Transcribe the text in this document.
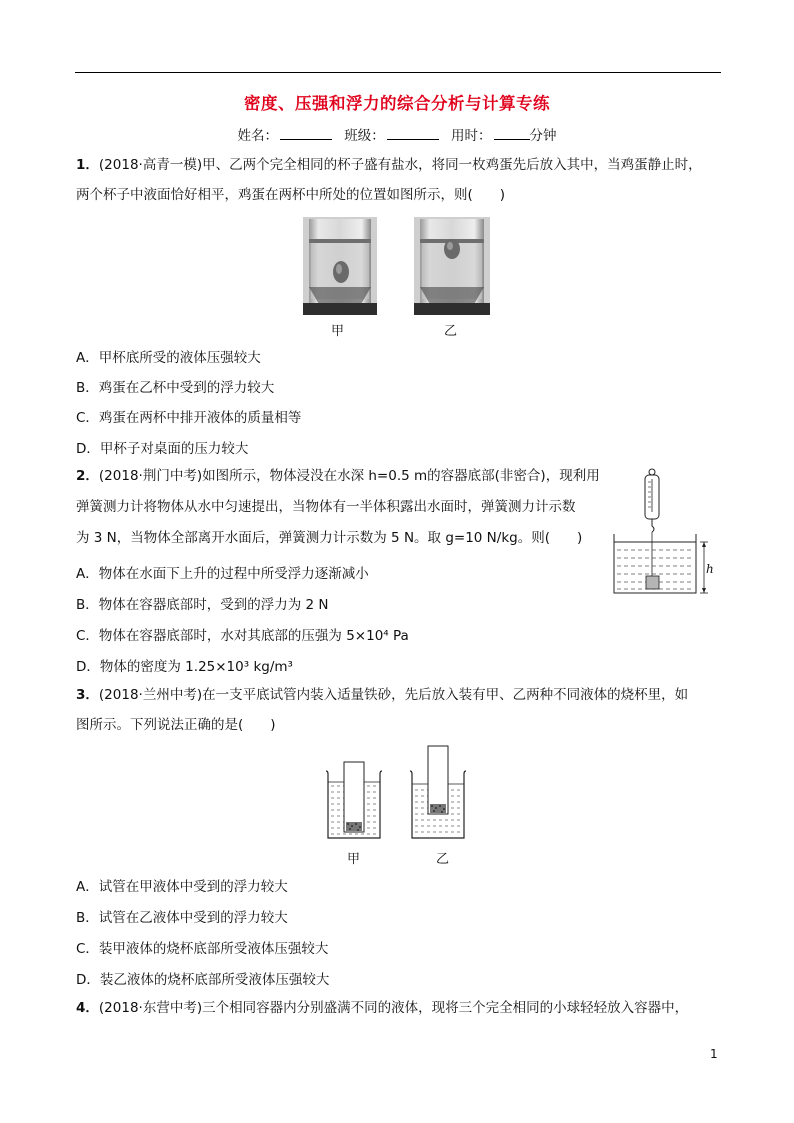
密度、压强和浮力的综合分析与计算专练
姓名：	班级：	用时：	分钟
1．(2018·高青一模)甲、乙两个完全相同的杯子盛有盐水，将同一枚鸡蛋先后放入其中，当鸡蛋静止时，
两个杯子中液面恰好相平，鸡蛋在两杯中所处的位置如图所示，则(　　)
甲	乙
A．甲杯底所受的液体压强较大
B．鸡蛋在乙杯中受到的浮力较大
C．鸡蛋在两杯中排开液体的质量相等
D．甲杯子对桌面的压力较大
2．(2018·荆门中考)如图所示，物体浸没在水深 h=0.5 m的容器底部(非密合)，现利用
弹簧测力计将物体从水中匀速提出，当物体有一半体积露出水面时，弹簧测力计示数
为 3 N，当物体全部离开水面后，弹簧测力计示数为 5 N。取 g=10 N/kg。则(　　)
h
A．物体在水面下上升的过程中所受浮力逐渐减小
B．物体在容器底部时，受到的浮力为 2 N
C．物体在容器底部时，水对其底部的压强为 5×10⁴ Pa
D．物体的密度为 1.25×10³ kg/m³
3．(2018·兰州中考)在一支平底试管内装入适量铁砂，先后放入装有甲、乙两种不同液体的烧杯里，如
图所示。下列说法正确的是(　　)
甲	乙
A．试管在甲液体中受到的浮力较大
B．试管在乙液体中受到的浮力较大
C．装甲液体的烧杯底部所受液体压强较大
D．装乙液体的烧杯底部所受液体压强较大
4．(2018·东营中考)三个相同容器内分别盛满不同的液体，现将三个完全相同的小球轻轻放入容器中，
1
